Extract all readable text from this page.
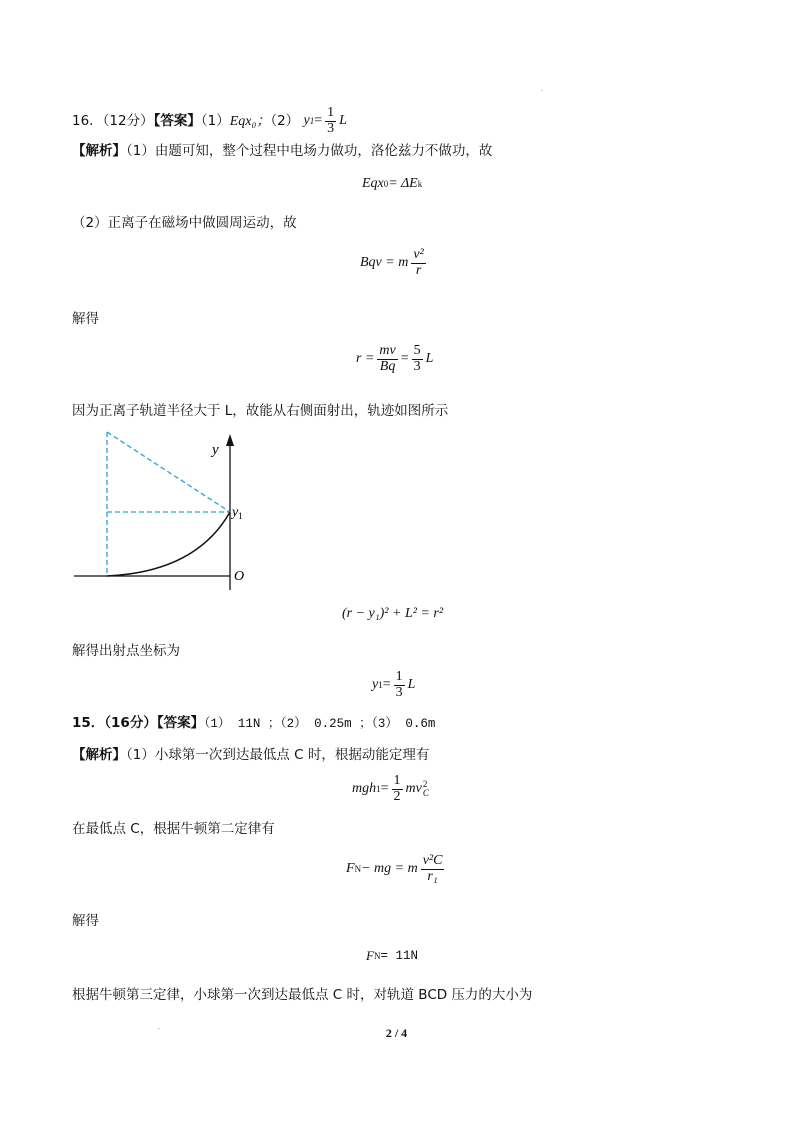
16．（12分）【答案】（1）Eqx₀；（2） y $1 = \frac{1}{3}$ L
【解析】（1）由题可知，整个过程中电场力做功，洛伦兹力不做功，故
Eqx 0 = ΔE k
（2）正离子在磁场中做圆周运动，故
Bqv = m $\frac{\text{v²}}{r}$
解得
$r = \frac{mv}{Bq} = \frac{5}{3}$ L
因为正离子轨道半径大于 L，故能从右侧面射出，轨迹如图所示
y
$y_1$
O
(r − y₁)² + L² = r²
解得出射点坐标为
y $1 = \frac{1}{3}$ L
15．（16分）【答案】（1） 11N ；（2） 0.25m ；（3） 0.6m
【解析】（1）小球第一次到达最低点 C 时，根据动能定理有
mgh $1 = \frac{1}{2}$ mv 2
C
在最低点 C，根据牛顿第二定律有
F N − mg = m $\frac{\text{v²C}}{\text{r₁}}$
解得
F N = 11N
根据牛顿第三定律，小球第一次到达最低点 C 时，对轨道 BCD 压力的大小为
2 / 4
